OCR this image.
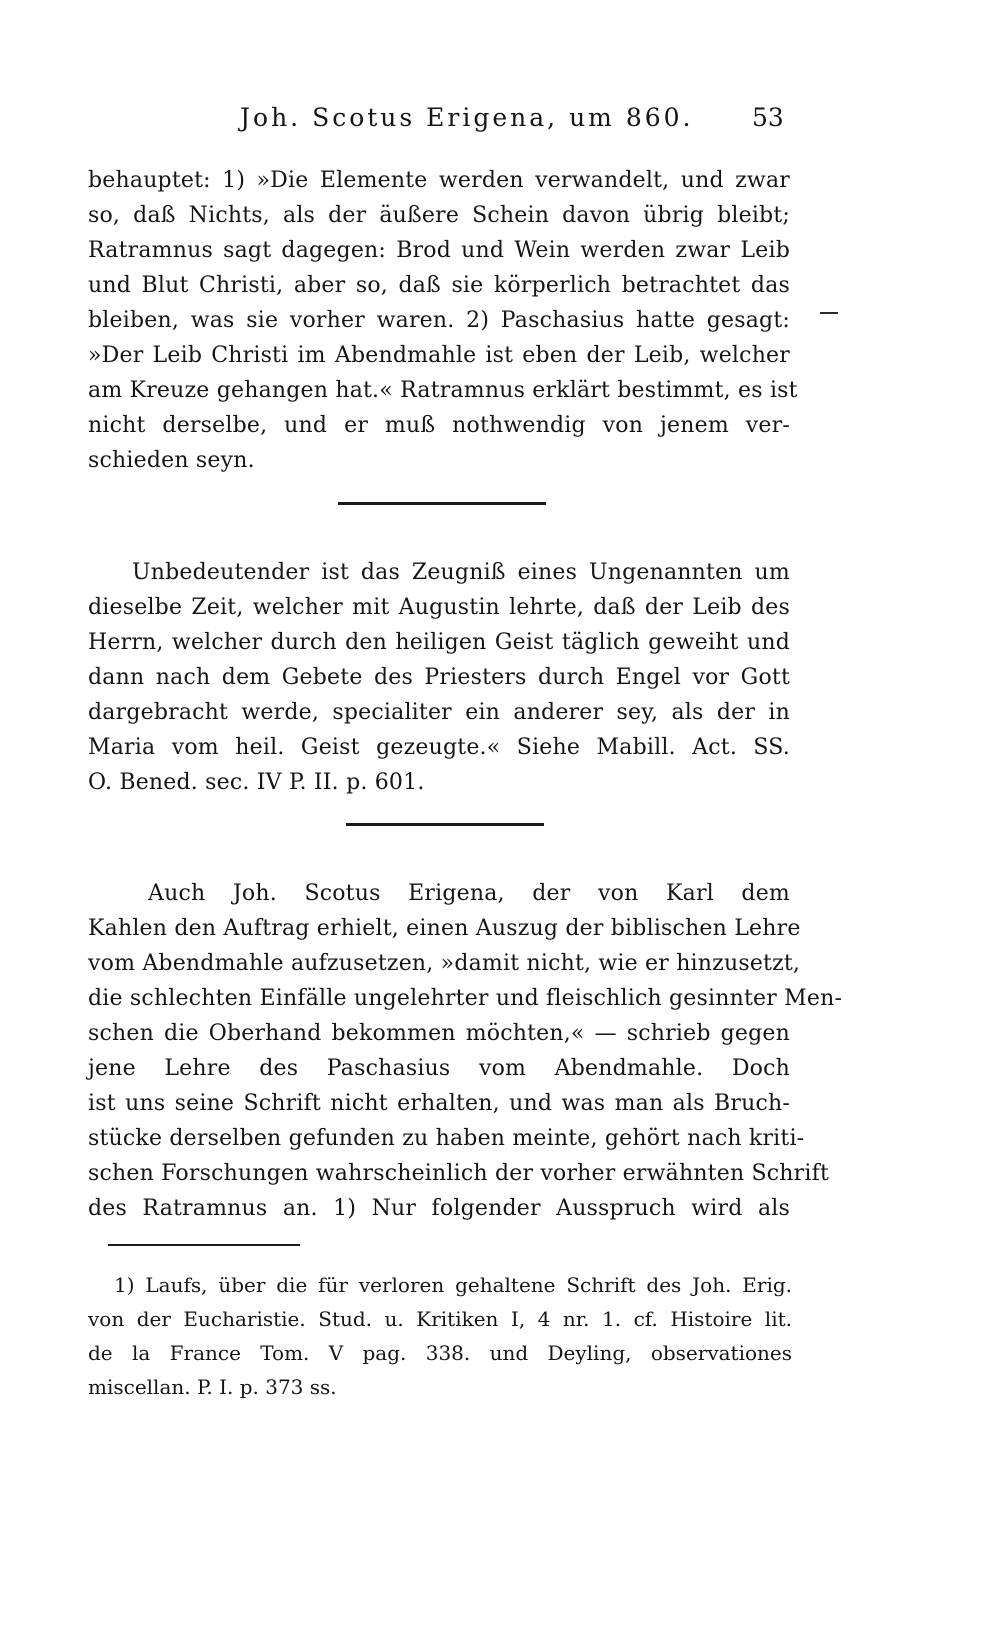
Joh. Scotus Erigena, um 860. 53
behauptet: 1) »Die Elemente werden verwandelt, und zwar
so, daß Nichts, als der äußere Schein davon übrig bleibt;
Ratramnus sagt dagegen: Brod und Wein werden zwar Leib
und Blut Christi, aber so, daß sie körperlich betrachtet das
bleiben, was sie vorher waren. 2) Paschasius hatte gesagt:
»Der Leib Christi im Abendmahle ist eben der Leib, welcher
am Kreuze gehangen hat.« Ratramnus erklärt bestimmt, es ist
nicht derselbe, und er muß nothwendig von jenem ver-
schieden seyn.
Unbedeutender ist das Zeugniß eines Ungenannten um
dieselbe Zeit, welcher mit Augustin lehrte, daß der Leib des
Herrn, welcher durch den heiligen Geist täglich geweiht und
dann nach dem Gebete des Priesters durch Engel vor Gott
dargebracht werde, specialiter ein anderer sey, als der in
Maria vom heil. Geist gezeugte.« Siehe Mabill. Act. SS.
O. Bened. sec. IV P. II. p. 601.
Auch Joh. Scotus Erigena, der von Karl dem
Kahlen den Auftrag erhielt, einen Auszug der biblischen Lehre
vom Abendmahle aufzusetzen, »damit nicht, wie er hinzusetzt,
die schlechten Einfälle ungelehrter und fleischlich gesinnter Men-
schen die Oberhand bekommen möchten,« — schrieb gegen
jene Lehre des Paschasius vom Abendmahle. Doch
ist uns seine Schrift nicht erhalten, und was man als Bruch-
stücke derselben gefunden zu haben meinte, gehört nach kriti-
schen Forschungen wahrscheinlich der vorher erwähnten Schrift
des Ratramnus an. 1) Nur folgender Ausspruch wird als
1) Laufs, über die für verloren gehaltene Schrift des Joh. Erig.
von der Eucharistie. Stud. u. Kritiken I, 4 nr. 1. cf. Histoire lit.
de la France Tom. V pag. 338. und Deyling, observationes
miscellan. P. I. p. 373 ss.
